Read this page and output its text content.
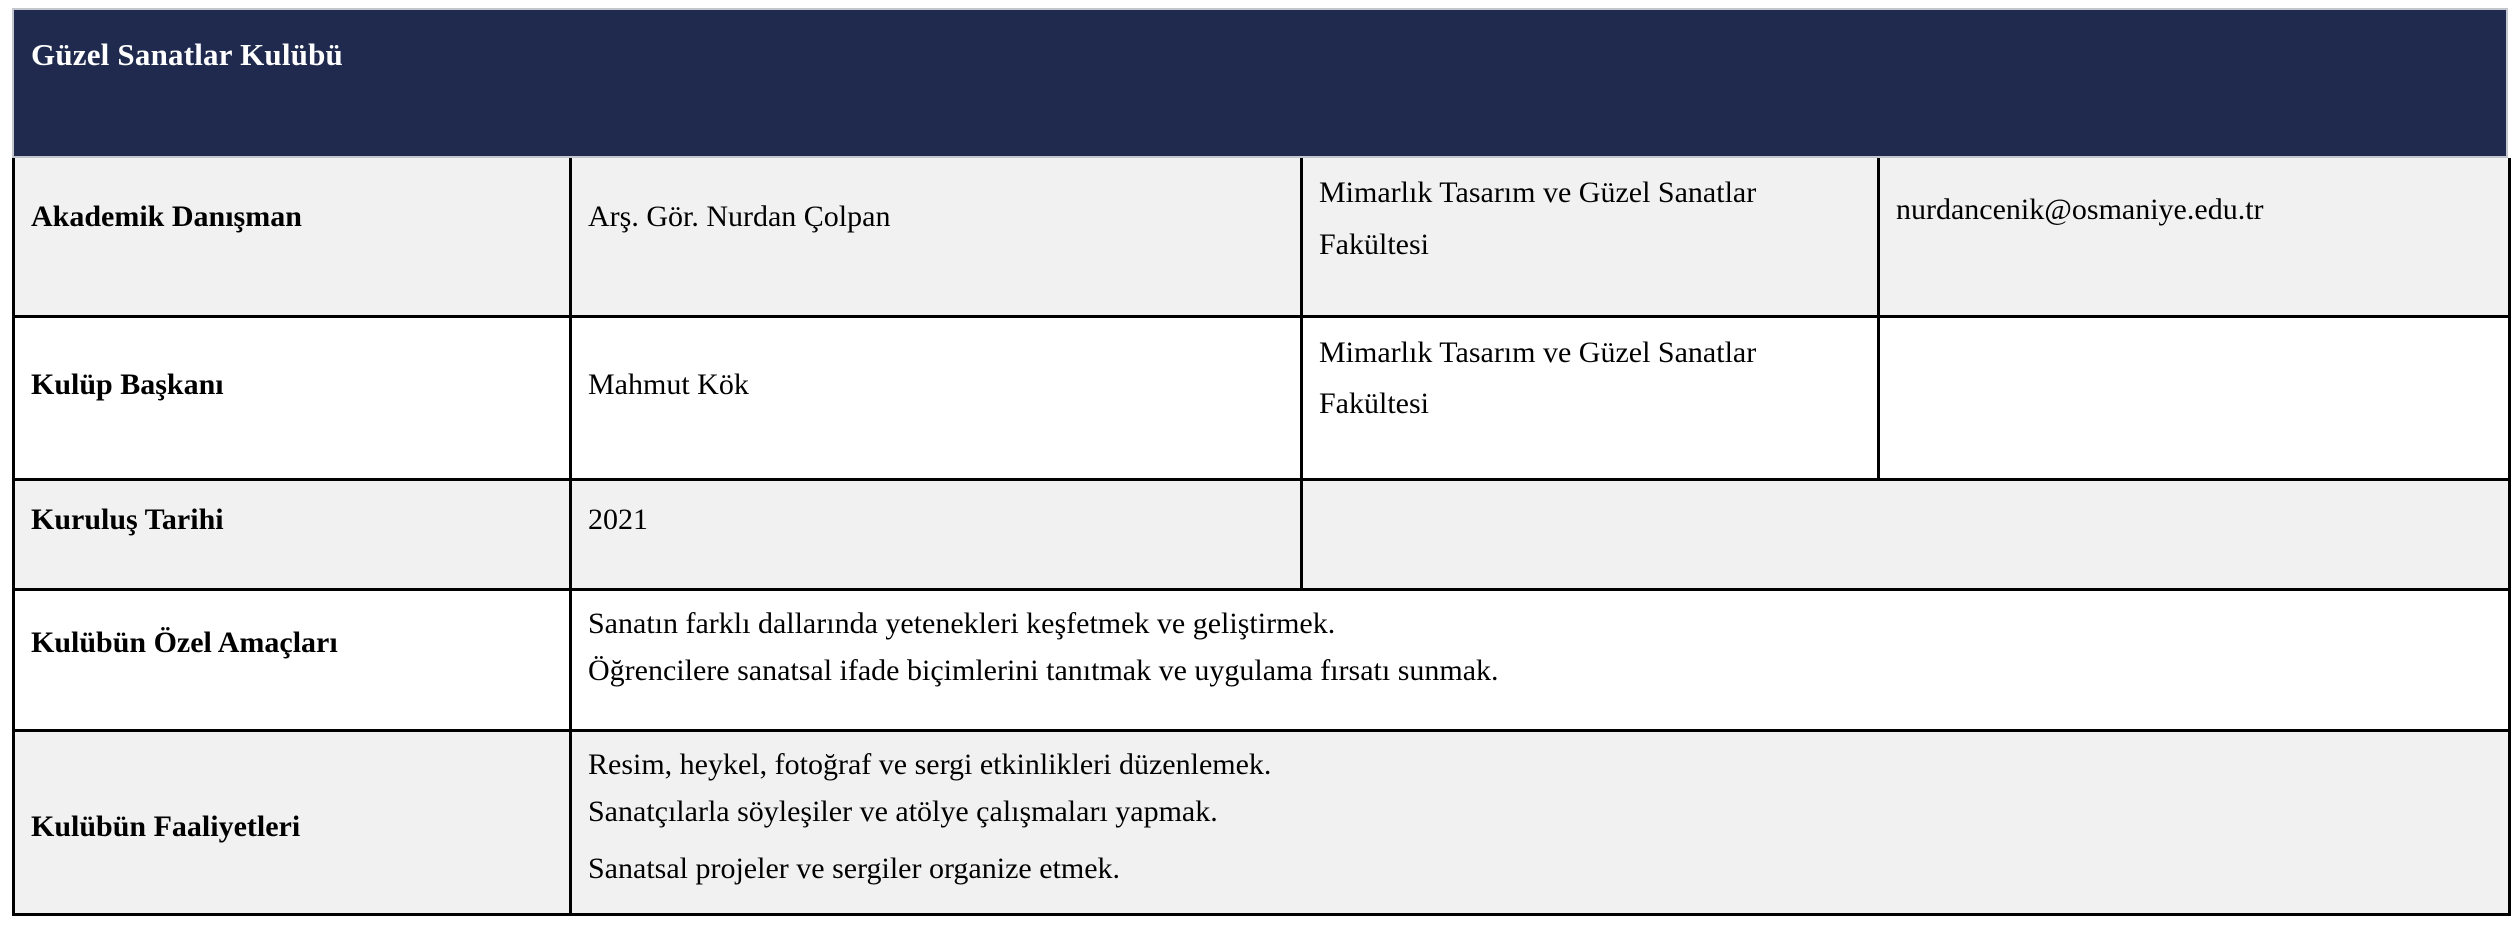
Güzel Sanatlar Kulübü
Akademik Danışman	Arş. Gör. Nurdan Çolpan	Mimarlık Tasarım ve Güzel Sanatlar Fakültesi	nurdancenik@osmaniye.edu.tr
Kulüp Başkanı	Mahmut Kök	Mimarlık Tasarım ve Güzel Sanatlar Fakültesi	
Kuruluş Tarihi	2021		
Kulübün Özel Amaçları	Sanatın farklı dallarında yetenekleri keşfetmek ve geliştirmek.
Öğrencilere sanatsal ifade biçimlerini tanıtmak ve uygulama fırsatı sunmak.		

Kulübün Faaliyetleri	Resim, heykel, fotoğraf ve sergi etkinlikleri düzenlemek.
Sanatçılarla söyleşiler ve atölye çalışmaları yapmak.
Sanatsal projeler ve sergiler organize etmek.		
